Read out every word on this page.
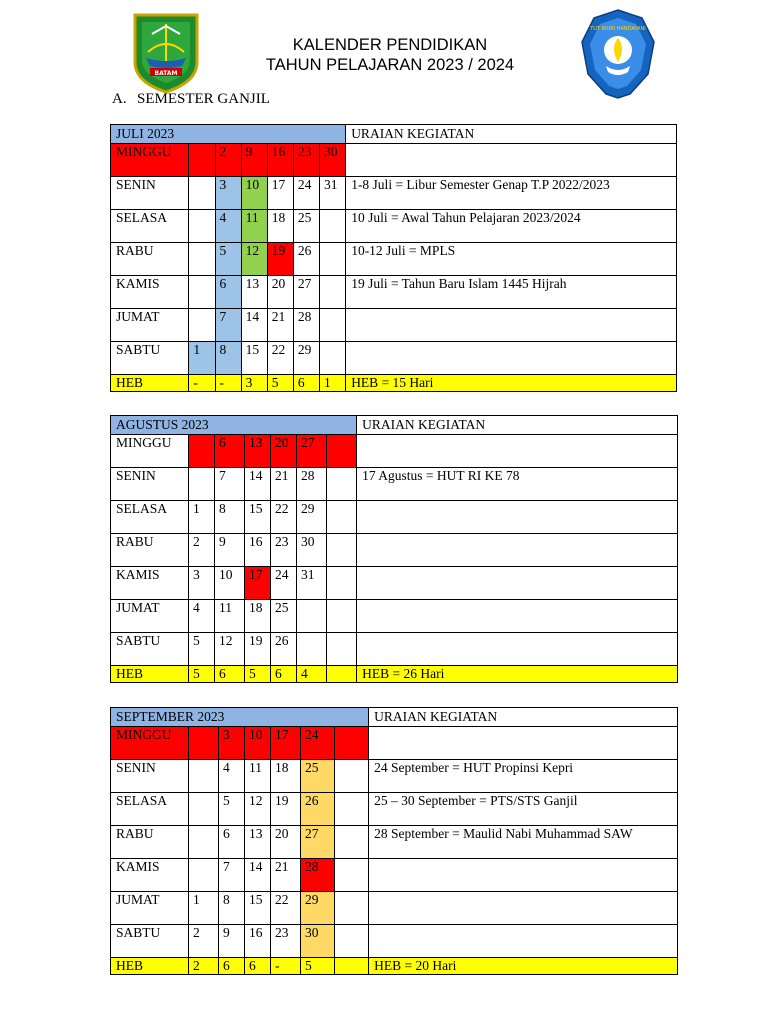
BATAM
TUT WURI HANDAYANI
KALENDER PENDIDIKAN
TAHUN PELAJARAN 2023 / 2024
A. SEMESTER GANJIL
JULI 2023							URAIAN KEGIATAN
MINGGU		2	9	16	23	30	
SENIN		3	10	17	24	31	1-8 Juli = Libur Semester Genap T.P 2022/2023
SELASA		4	11	18	25		10 Juli = Awal Tahun Pelajaran 2023/2024
RABU		5	12	19	26		10-12 Juli = MPLS
KAMIS		6	13	20	27		19 Juli = Tahun Baru Islam 1445 Hijrah
JUMAT		7	14	21	28		
SABTU	1	8	15	22	29		
HEB	-	-	3	5	6	1	HEB = 15 Hari
AGUSTUS 2023							URAIAN KEGIATAN
MINGGU		6	13	20	27		
SENIN		7	14	21	28		17 Agustus = HUT RI KE 78
SELASA	1	8	15	22	29		
RABU	2	9	16	23	30		
KAMIS	3	10	17	24	31		
JUMAT	4	11	18	25			
SABTU	5	12	19	26			
HEB	5	6	5	6	4		HEB = 26 Hari
SEPTEMBER 2023							URAIAN KEGIATAN
MINGGU		3	10	17	24		
SENIN		4	11	18	25		24 September = HUT Propinsi Kepri
SELASA		5	12	19	26		25 – 30 September = PTS/STS Ganjil
RABU		6	13	20	27		28 September = Maulid Nabi Muhammad SAW
KAMIS		7	14	21	28		
JUMAT	1	8	15	22	29		
SABTU	2	9	16	23	30		
HEB	2	6	6	-	5		HEB = 20 Hari
